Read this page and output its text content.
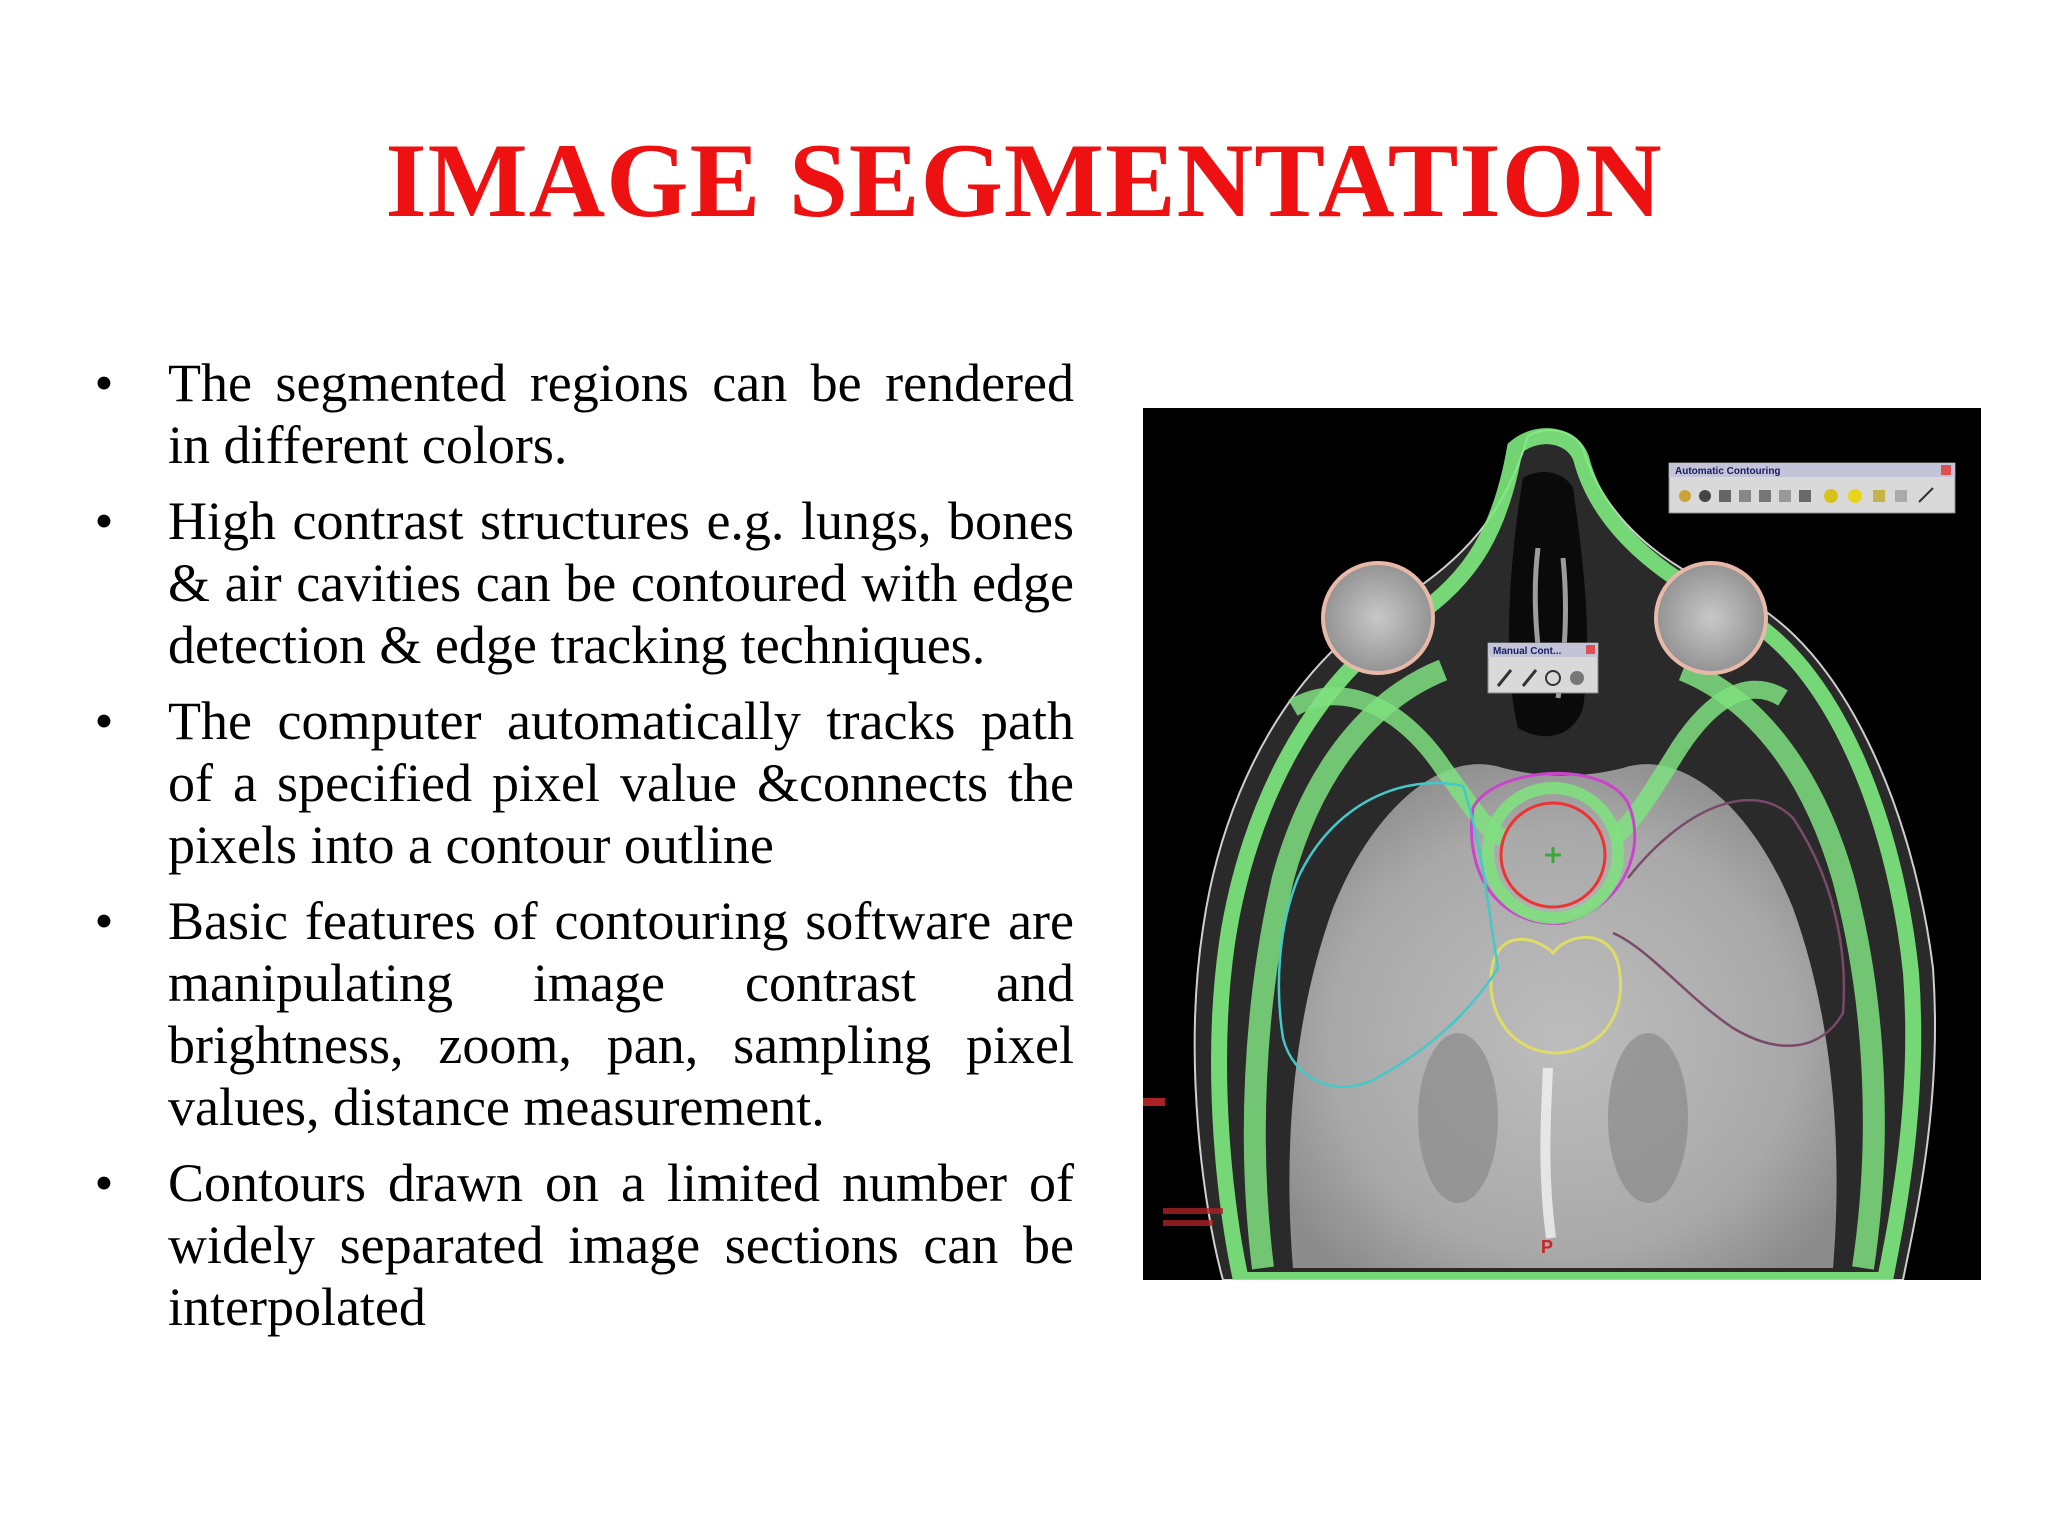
IMAGE SEGMENTATION
• The segmented regions can be rendered in different colors.
• High contrast structures e.g. lungs, bones & air cavities can be contoured with edge detection & edge tracking techniques.
• The computer automatically tracks path of a specified pixel value &connects the pixels into a contour outline
• Basic features of contouring software are manipulating image contrast and brightness, zoom, pan, sampling pixel values, distance measurement.
• Contours drawn on a limited number of widely separated image sections can be interpolated
Automatic Contouring
Manual Cont...
P
